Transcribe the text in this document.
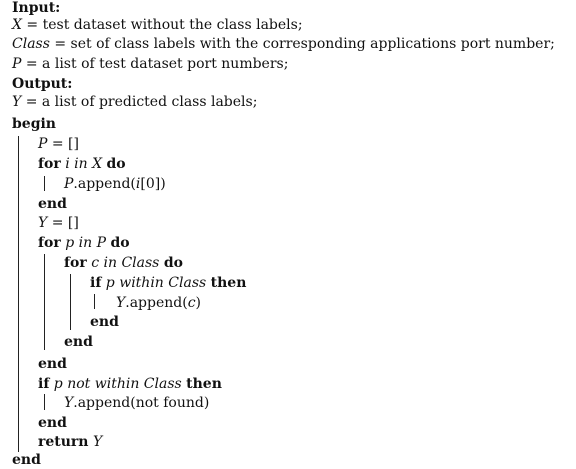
Input:
X = test dataset without the class labels;
Class = set of class labels with the corresponding applications port number;
P = a list of test dataset port numbers;
Output:
Y = a list of predicted class labels;
begin
P = []
for i in X do
P.append(i[0])
end
Y = []
for p in P do
for c in Class do
if p within Class then
Y.append(c)
end
end
end
if p not within Class then
Y.append(not found)
end
return Y
end
